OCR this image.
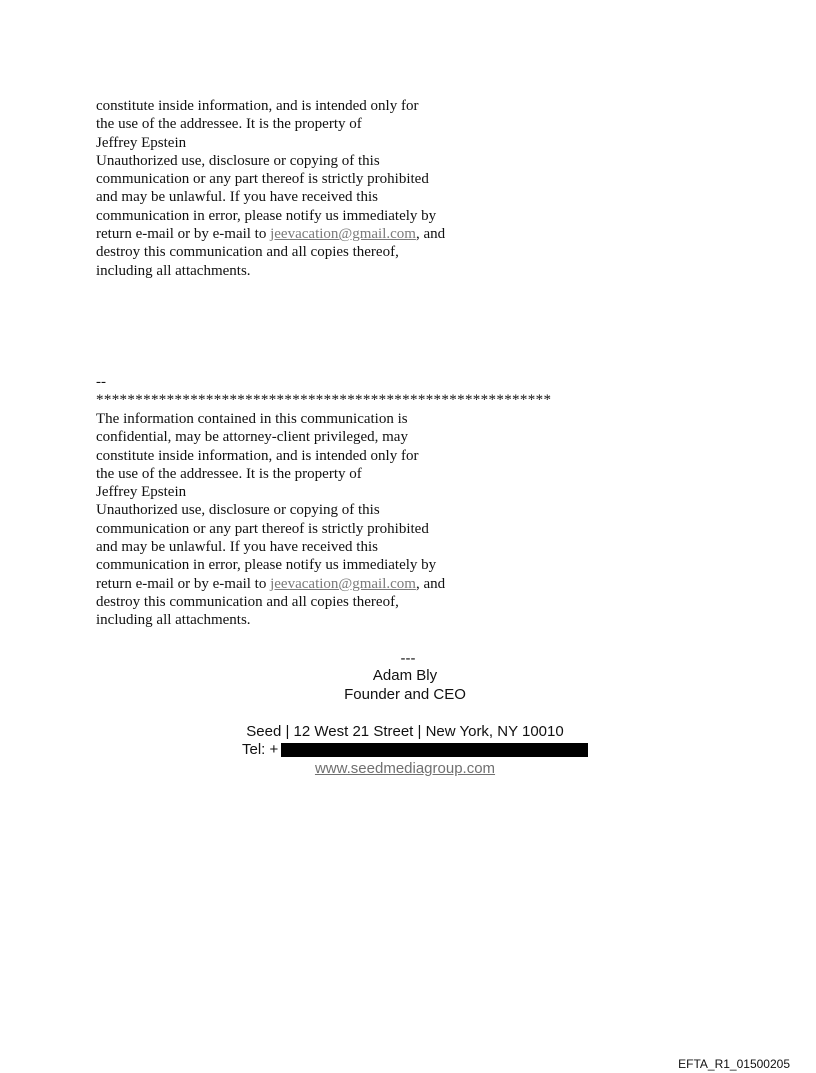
constitute inside information, and is intended only for
the use of the addressee. It is the property of
Jeffrey Epstein
Unauthorized use, disclosure or copying of this
communication or any part thereof is strictly prohibited
and may be unlawful. If you have received this
communication in error, please notify us immediately by
return e-mail or by e-mail to jeevacation@gmail.com, and
destroy this communication and all copies thereof,
including all attachments.
--
**********************************************************
The information contained in this communication is
confidential, may be attorney-client privileged, may
constitute inside information, and is intended only for
the use of the addressee. It is the property of
Jeffrey Epstein
Unauthorized use, disclosure or copying of this
communication or any part thereof is strictly prohibited
and may be unlawful. If you have received this
communication in error, please notify us immediately by
return e-mail or by e-mail to jeevacation@gmail.com, and
destroy this communication and all copies thereof,
including all attachments.
---
Adam Bly
Founder and CEO
Seed | 12 West 21 Street | New York, NY 10010
Tel: +
www.seedmediagroup.com
EFTA_R1_01500205
